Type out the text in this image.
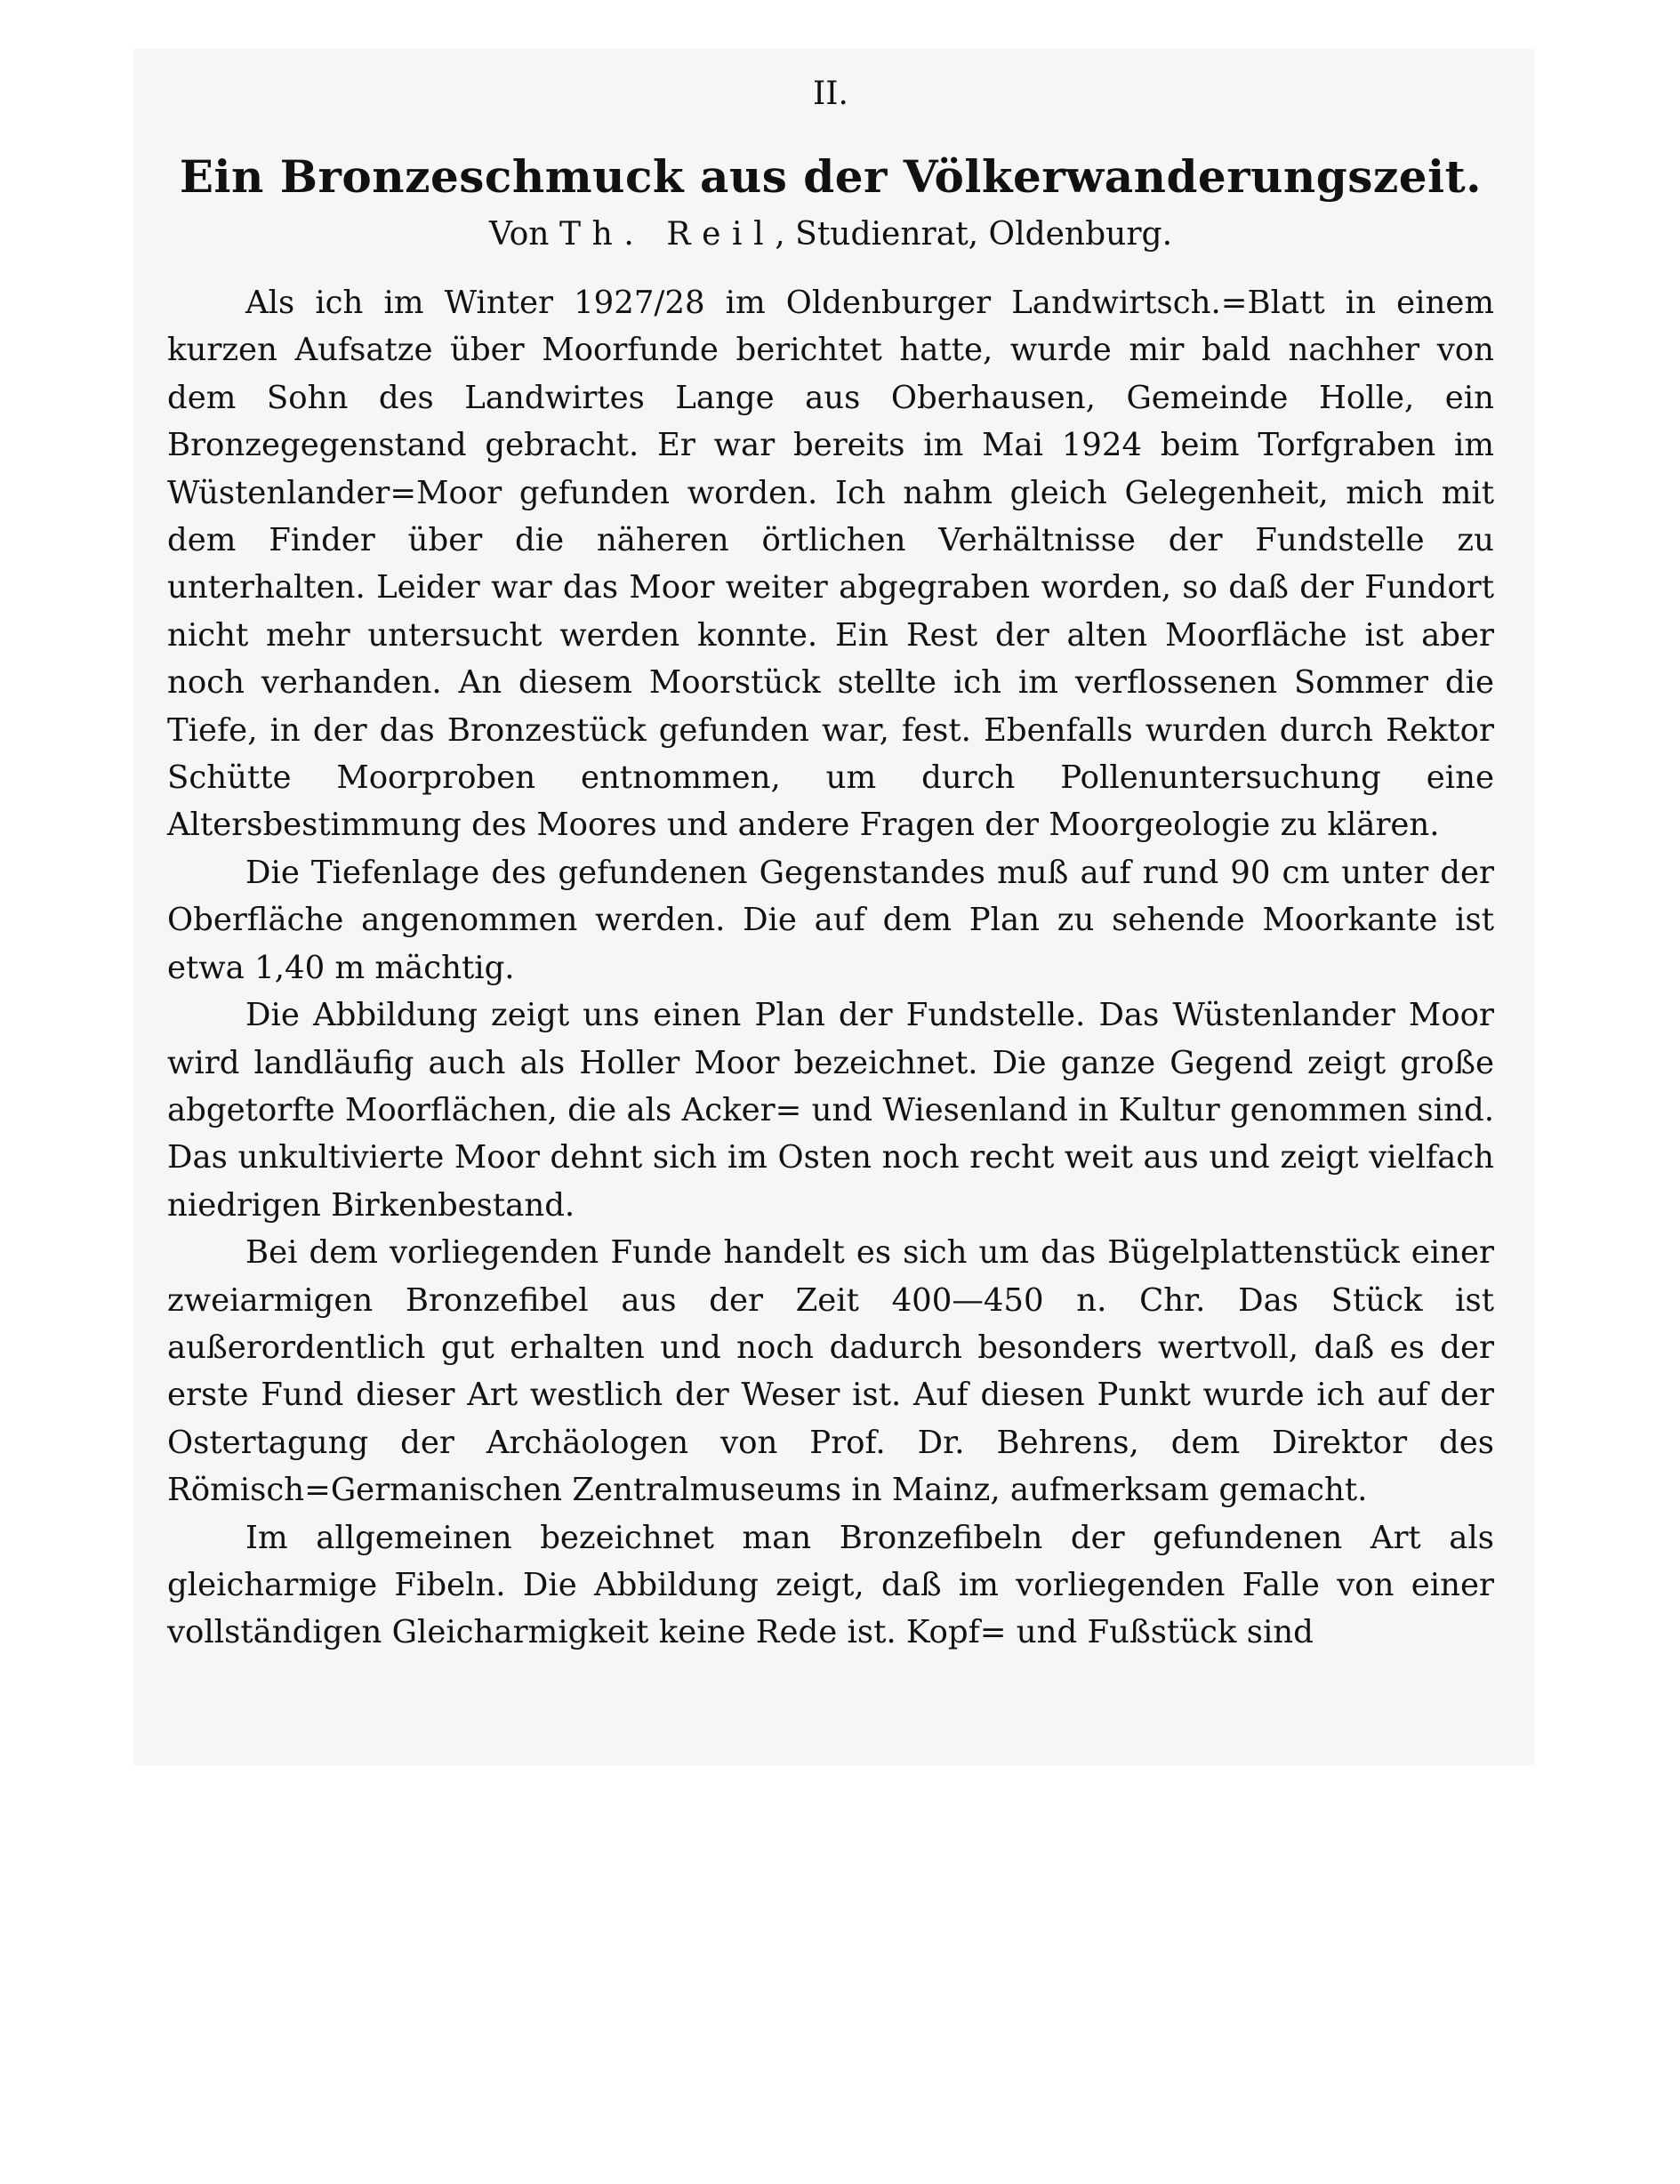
II.
Ein Bronzeschmuck aus der Völkerwanderungszeit.
Von Th. Reil, Studienrat, Oldenburg.

Als ich im Winter 1927/28 im Oldenburger Landwirtsch.=Blatt in einem kurzen Aufsatze über Moorfunde berichtet hatte, wurde mir bald nachher von dem Sohn des Landwirtes Lange aus Oberhausen, Gemeinde Holle, ein Bronzegegenstand gebracht. Er war bereits im Mai 1924 beim Torfgraben im Wüstenlander=Moor gefunden worden. Ich nahm gleich Gelegenheit, mich mit dem Finder über die näheren örtlichen Verhältnisse der Fundstelle zu unterhalten. Leider war das Moor weiter abgegraben worden, so daß der Fundort nicht mehr untersucht werden konnte. Ein Rest der alten Moorfläche ist aber noch verhanden. An diesem Moorstück stellte ich im verflossenen Sommer die Tiefe, in der das Bronzestück gefunden war, fest. Ebenfalls wurden durch Rektor Schütte Moorproben entnommen, um durch Pollenuntersuchung eine Altersbestimmung des Moores und andere Fragen der Moorgeologie zu klären.

Die Tiefenlage des gefundenen Gegenstandes muß auf rund 90 cm unter der Oberfläche angenommen werden. Die auf dem Plan zu sehende Moorkante ist etwa 1,40 m mächtig.

Die Abbildung zeigt uns einen Plan der Fundstelle. Das Wüstenlander Moor wird landläufig auch als Holler Moor bezeichnet. Die ganze Gegend zeigt große abgetorfte Moorflächen, die als Acker= und Wiesenland in Kultur genommen sind. Das unkultivierte Moor dehnt sich im Osten noch recht weit aus und zeigt vielfach niedrigen Birkenbestand.

Bei dem vorliegenden Funde handelt es sich um das Bügelplattenstück einer zweiarmigen Bronzefibel aus der Zeit 400—450 n. Chr. Das Stück ist außerordentlich gut erhalten und noch dadurch besonders wertvoll, daß es der erste Fund dieser Art westlich der Weser ist. Auf diesen Punkt wurde ich auf der Ostertagung der Archäologen von Prof. Dr. Behrens, dem Direktor des Römisch=Germanischen Zentralmuseums in Mainz, aufmerksam gemacht.

Im allgemeinen bezeichnet man Bronzefibeln der gefundenen Art als gleicharmige Fibeln. Die Abbildung zeigt, daß im vorliegenden Falle von einer vollständigen Gleicharmigkeit keine Rede ist. Kopf= und Fußstück sind
